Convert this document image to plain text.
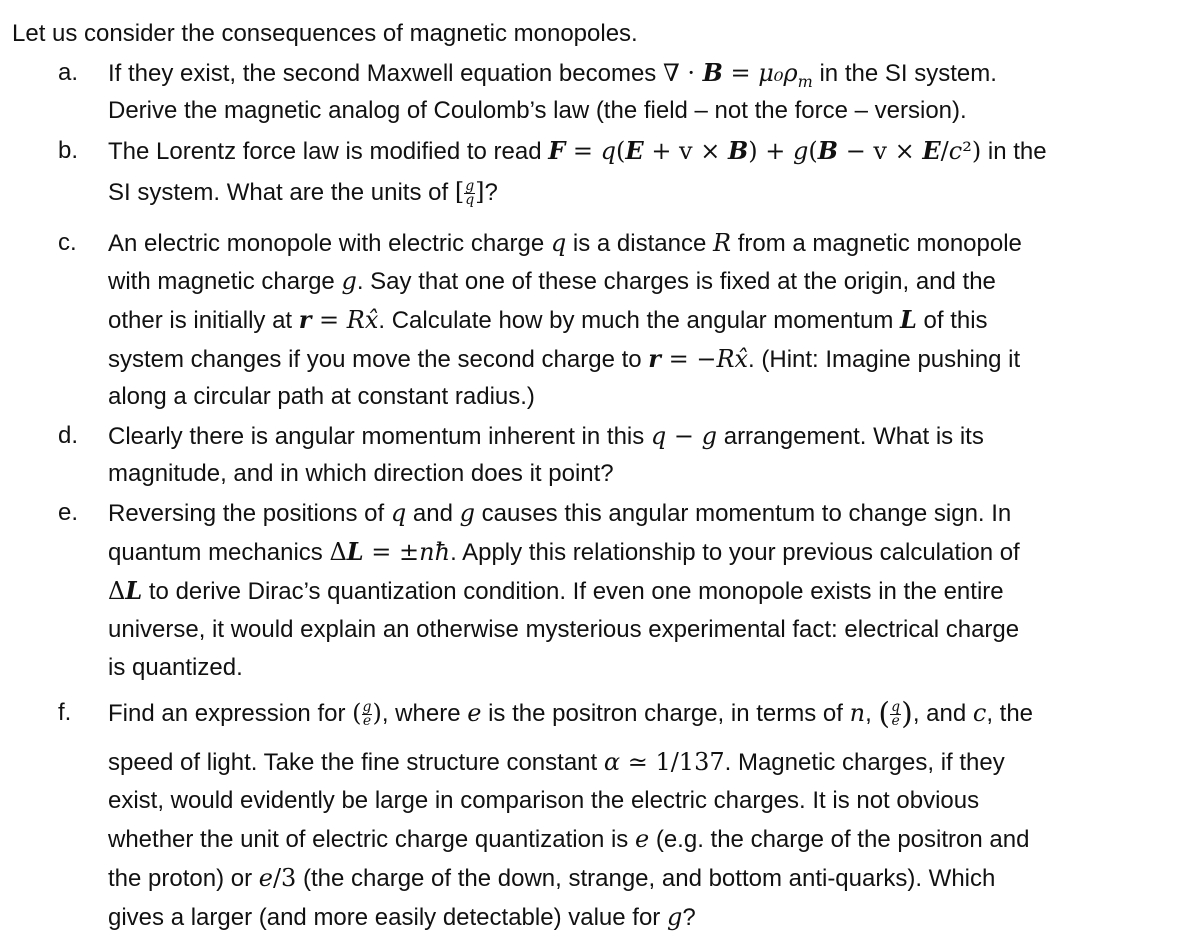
Let us consider the consequences of magnetic monopoles.
a. If they exist, the second Maxwell equation becomes ∇ · $B = \mu_0\rho_m$ in the SI system.
Derive the magnetic analog of Coulomb’s law (the field – not the force – version).
b. The Lorentz force law is modified to read F = q(E + v × B) + g(B − v × E/c²) in the
SI system. What are the units of [ $\frac{g}{q}$ ]?
c. An electric monopole with electric charge q is a distance R from a magnetic monopole
with magnetic charge g. Say that one of these charges is fixed at the origin, and the
other is initially at r = Rx̂. Calculate how by much the angular momentum L of this
system changes if you move the second charge to r = −Rx̂. (Hint: Imagine pushing it
along a circular path at constant radius.)
d. Clearly there is angular momentum inherent in this q − g arrangement. What is its
magnitude, and in which direction does it point?
e. Reversing the positions of q and g causes this angular momentum to change sign. In
quantum mechanics ΔL = ±nħ. Apply this relationship to your previous calculation of
ΔL to derive Dirac’s quantization condition. If even one monopole exists in the entire
universe, it would explain an otherwise mysterious experimental fact: electrical charge
is quantized.
f. Find an expression for ( $\frac{g}{e}$ ), where e is the positron charge, in terms of n, ( $\frac{q}{e}$ ), and c, the
speed of light. Take the fine structure constant α ≃ 1/137. Magnetic charges, if they
exist, would evidently be large in comparison the electric charges. It is not obvious
whether the unit of electric charge quantization is e (e.g. the charge of the positron and
the proton) or e/3 (the charge of the down, strange, and bottom anti-quarks). Which
gives a larger (and more easily detectable) value for g?
